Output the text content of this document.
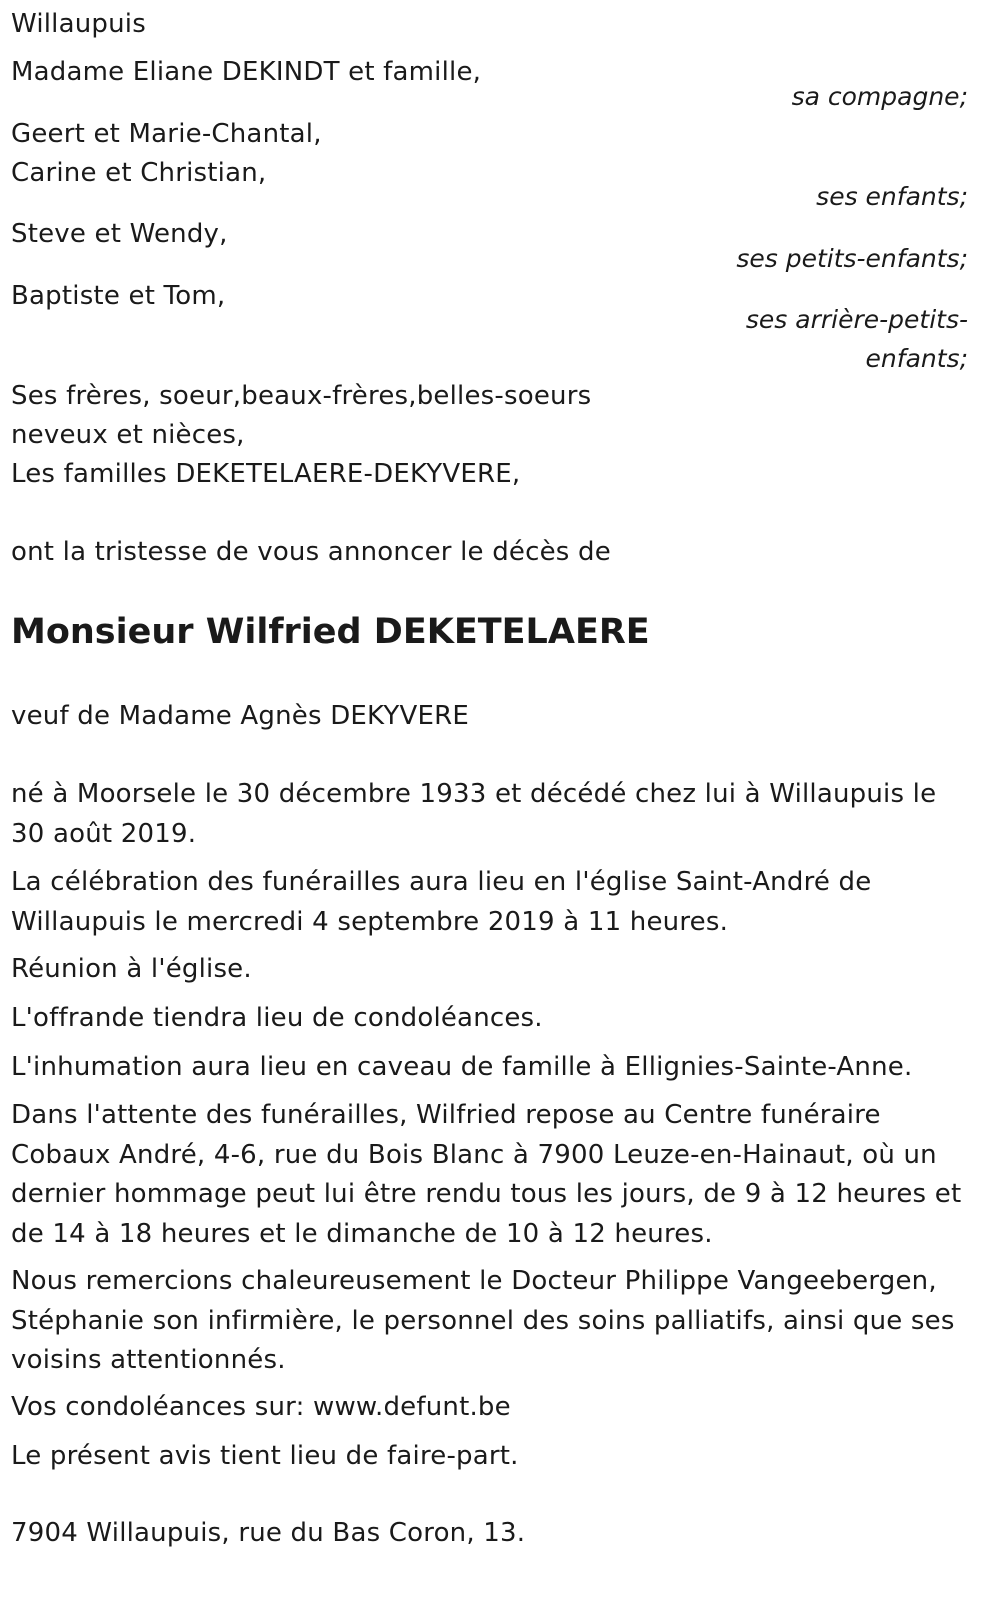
Willaupuis
Madame Eliane DEKINDT et famille,
sa compagne;
Geert et Marie-Chantal,
Carine et Christian,
ses enfants;
Steve et Wendy,
ses petits-enfants;
Baptiste et Tom,
ses arrière-petits-
enfants;
Ses frères, soeur,beaux-frères,belles-soeurs
neveux et nièces,
Les familles DEKETELAERE-DEKYVERE,
ont la tristesse de vous annoncer le décès de
Monsieur Wilfried DEKETELAERE
veuf de Madame Agnès DEKYVERE
né à Moorsele le 30 décembre 1933 et décédé chez lui à Willaupuis le 30 août 2019.
La célébration des funérailles aura lieu en l'église Saint-André de Willaupuis le mercredi 4 septembre 2019 à 11 heures.
Réunion à l'église.
L'offrande tiendra lieu de condoléances.
L'inhumation aura lieu en caveau de famille à Ellignies-Sainte-Anne.
Dans l'attente des funérailles, Wilfried repose au Centre funéraire Cobaux André, 4-6, rue du Bois Blanc à 7900 Leuze-en-Hainaut, où un dernier hommage peut lui être rendu tous les jours, de 9 à 12 heures et de 14 à 18 heures et le dimanche de 10 à 12 heures.
Nous remercions chaleureusement le Docteur Philippe Vangeebergen, Stéphanie son infirmière, le personnel des soins palliatifs, ainsi que ses voisins attentionnés.
Vos condoléances sur: www.defunt.be
Le présent avis tient lieu de faire-part.
7904 Willaupuis, rue du Bas Coron, 13.
